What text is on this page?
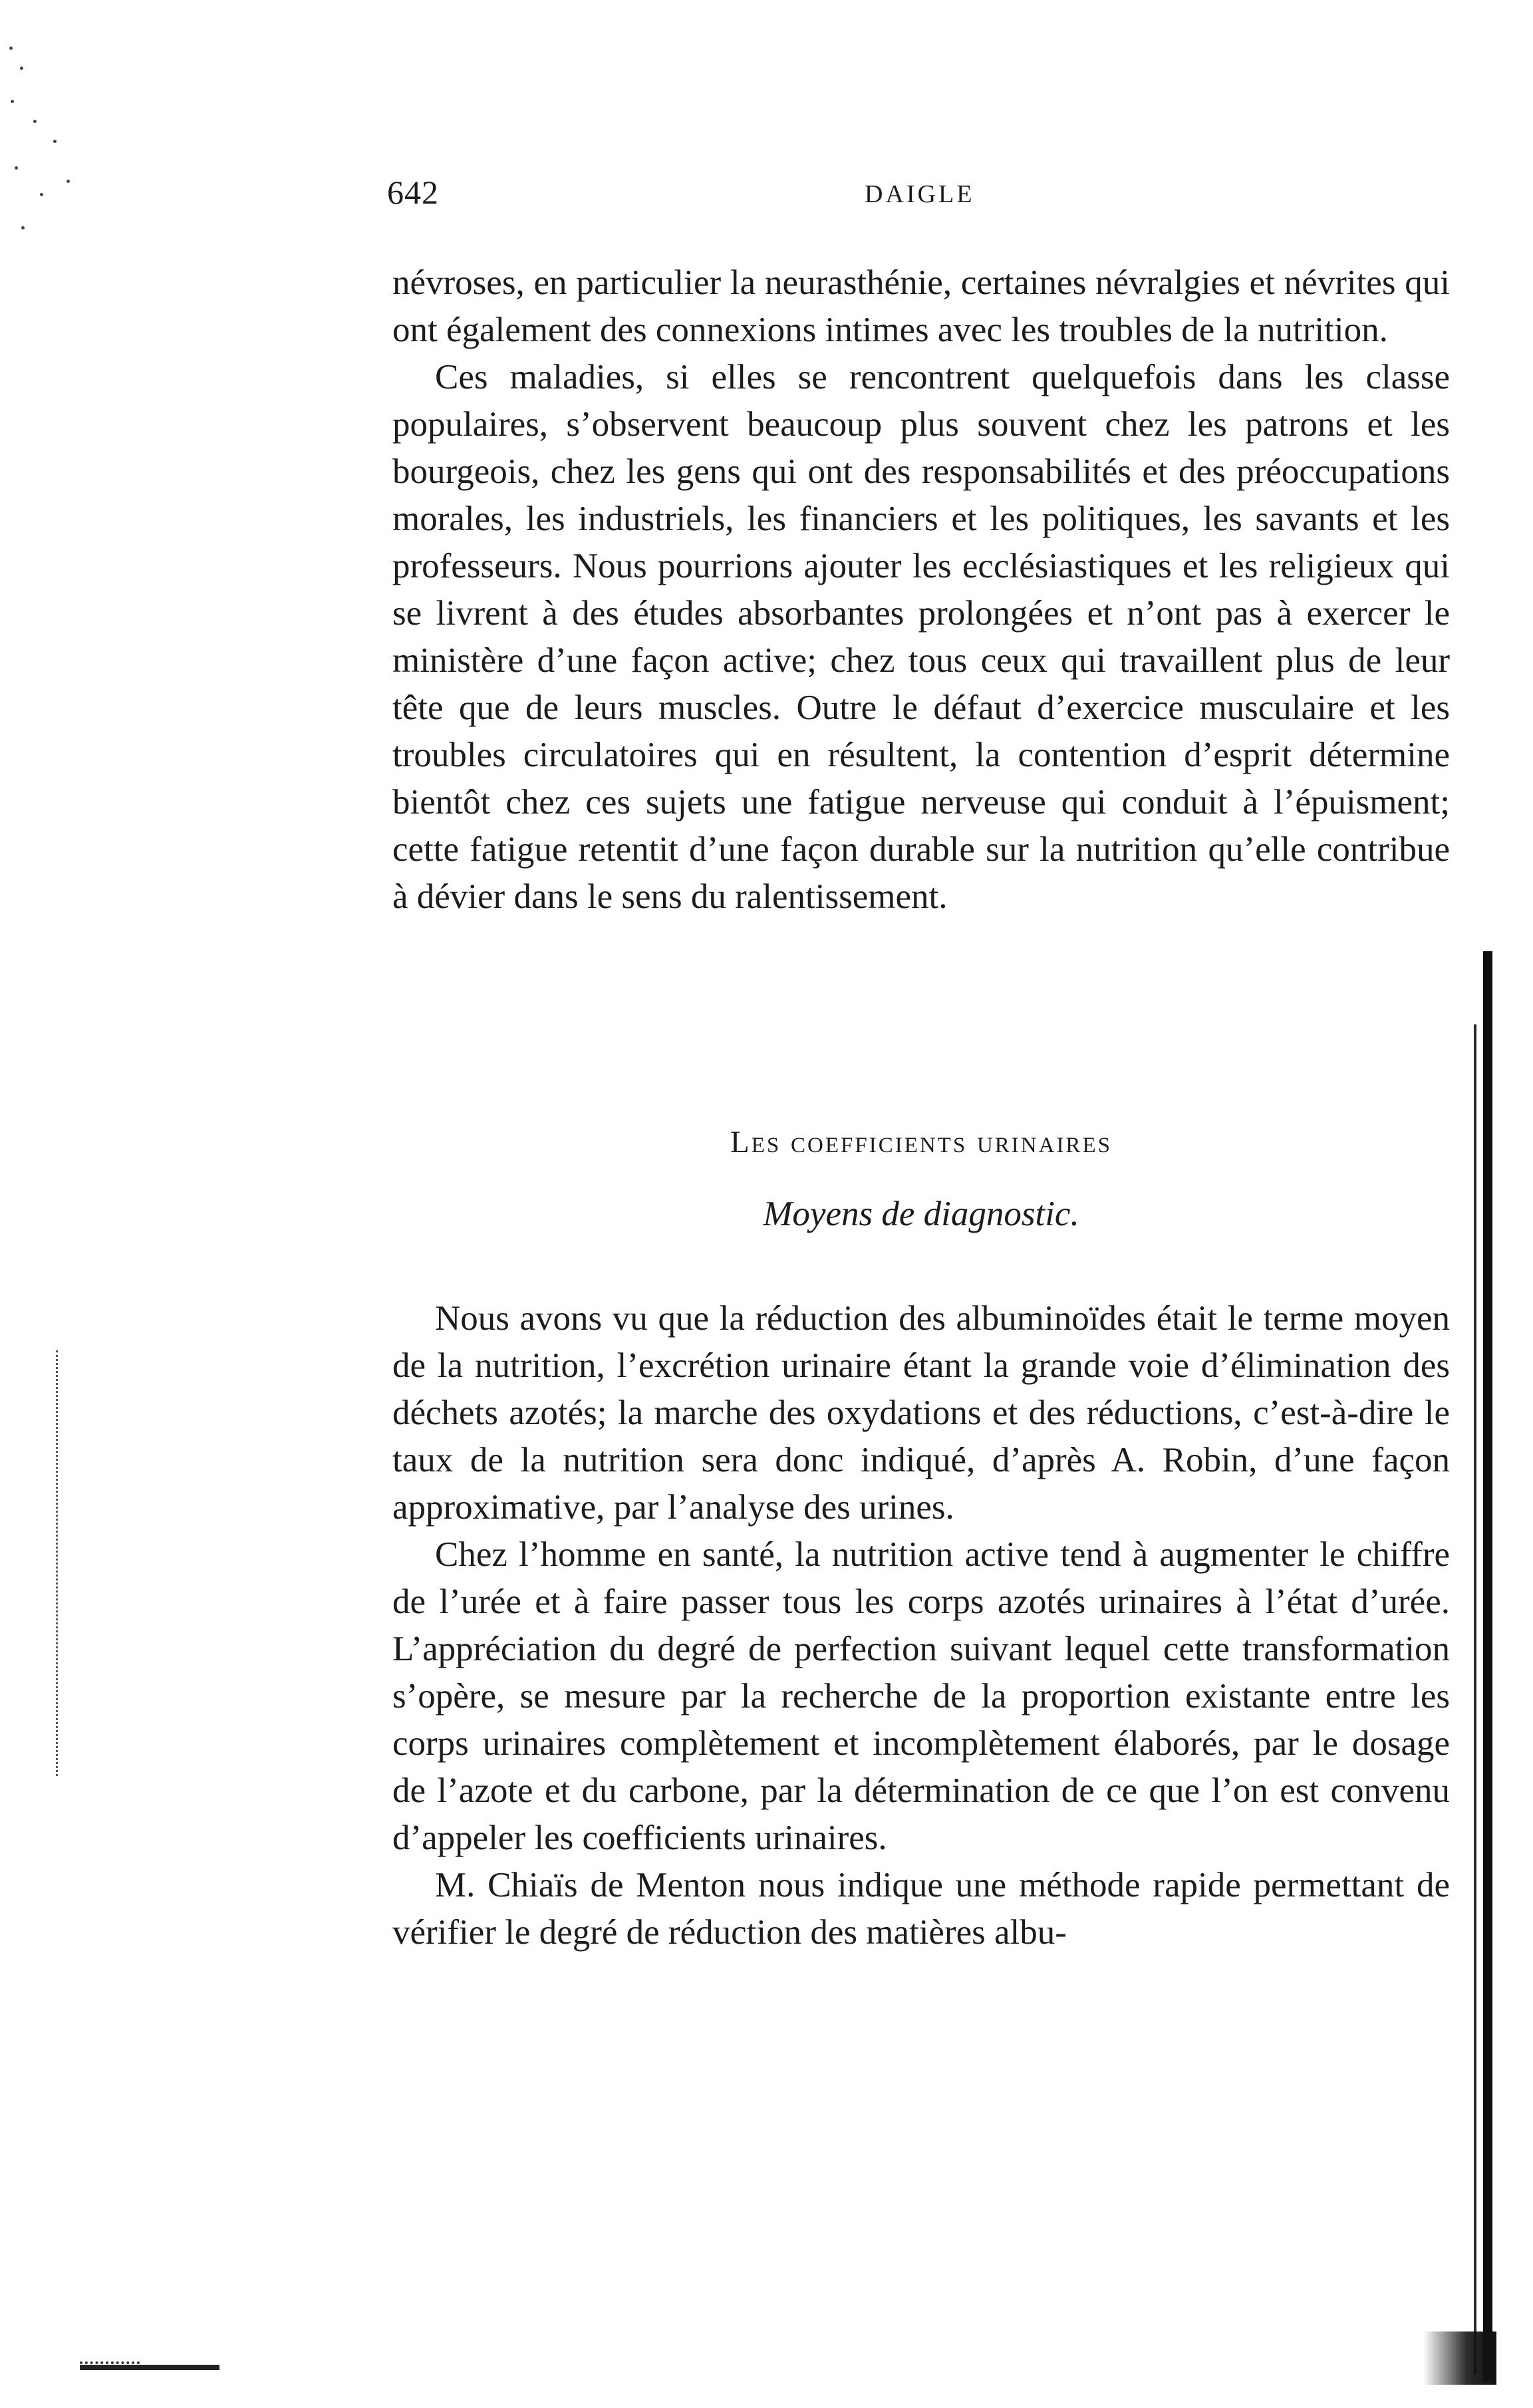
642	DAIGLE

névroses, en particulier la neurasthénie, certaines névralgies et névrites qui ont également des connexions intimes avec les troubles de la nutrition.

Ces maladies, si elles se rencontrent quelquefois dans les classe populaires, s’observent beaucoup plus souvent chez les patrons et les bourgeois, chez les gens qui ont des responsabilités et des préoccupations morales, les industriels, les financiers et les politiques, les savants et les professeurs. Nous pourrions ajouter les ecclésiastiques et les religieux qui se livrent à des études absorbantes prolongées et n’ont pas à exercer le ministère d’une façon active; chez tous ceux qui travaillent plus de leur tête que de leurs muscles. Outre le défaut d’exercice musculaire et les troubles circulatoires qui en résultent, la contention d’esprit détermine bientôt chez ces sujets une fatigue nerveuse qui conduit à l’épuisment; cette fatigue retentit d’une façon durable sur la nutrition qu’elle contribue à dévier dans le sens du ralentissement.

Les coefficients urinaires
Moyens de diagnostic.

Nous avons vu que la réduction des albuminoïdes était le terme moyen de la nutrition, l’excrétion urinaire étant la grande voie d’élimination des déchets azotés; la marche des oxydations et des réductions, c’est-à-dire le taux de la nutrition sera donc indiqué, d’après A. Robin, d’une façon approximative, par l’analyse des urines.

Chez l’homme en santé, la nutrition active tend à augmenter le chiffre de l’urée et à faire passer tous les corps azotés urinaires à l’état d’urée. L’appréciation du degré de perfection suivant lequel cette transformation s’opère, se mesure par la recherche de la proportion existante entre les corps urinaires complètement et incomplètement élaborés, par le dosage de l’azote et du carbone, par la détermination de ce que l’on est convenu d’appeler les coefficients urinaires.

M. Chiaïs de Menton nous indique une méthode rapide permettant de vérifier le degré de réduction des matières albu-
